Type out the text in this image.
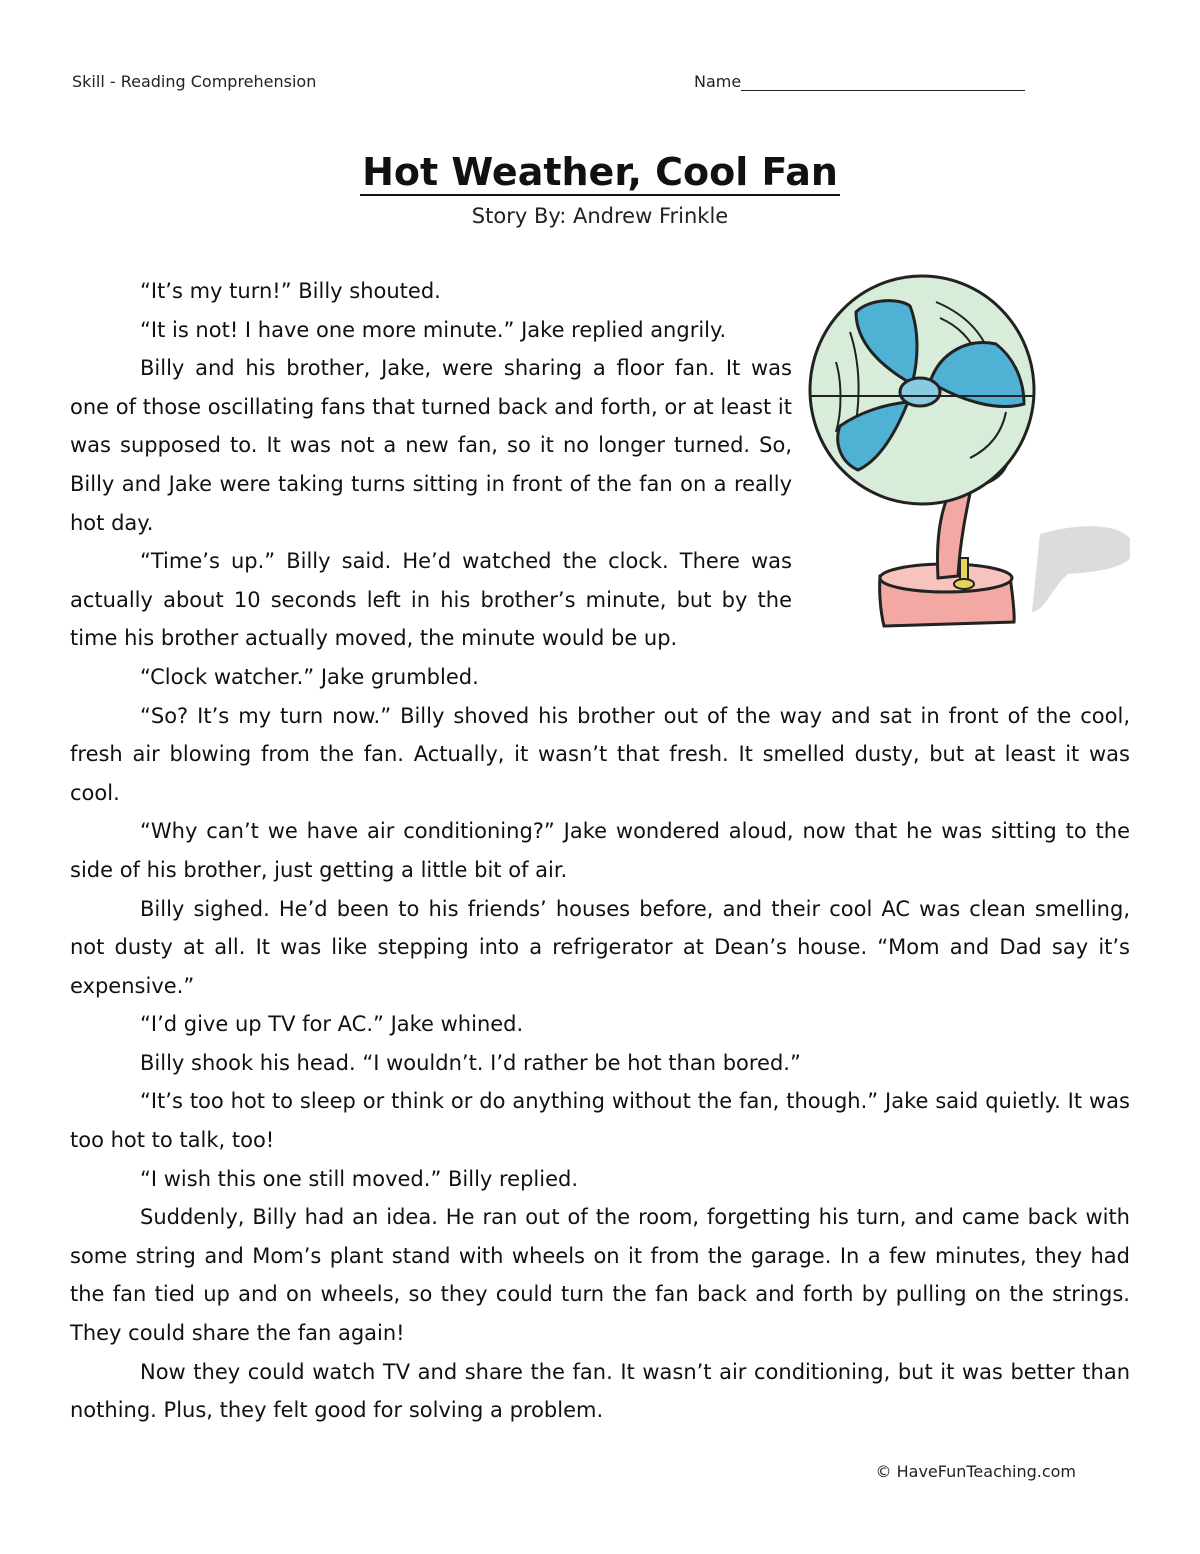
Skill - Reading Comprehension	Name
Hot Weather, Cool Fan
Story By: Andrew Frinkle

“It’s my turn!” Billy shouted.

“It is not! I have one more minute.” Jake replied angrily.

Billy and his brother, Jake, were sharing a floor fan. It was one of those oscillating fans that turned back and forth, or at least it was supposed to. It was not a new fan, so it no longer turned. So, Billy and Jake were taking turns sitting in front of the fan on a really hot day.

“Time’s up.” Billy said. He’d watched the clock. There was actually about 10 seconds left in his brother’s minute, but by the time his brother actually moved, the minute would be up.

“Clock watcher.” Jake grumbled.

“So? It’s my turn now.” Billy shoved his brother out of the way and sat in front of the cool, fresh air blowing from the fan. Actually, it wasn’t that fresh. It smelled dusty, but at least it was cool.

“Why can’t we have air conditioning?” Jake wondered aloud, now that he was sitting to the side of his brother, just getting a little bit of air.

Billy sighed. He’d been to his friends’ houses before, and their cool AC was clean smelling, not dusty at all. It was like stepping into a refrigerator at Dean’s house. “Mom and Dad say it’s expensive.”

“I’d give up TV for AC.” Jake whined.

Billy shook his head. “I wouldn’t. I’d rather be hot than bored.”

“It’s too hot to sleep or think or do anything without the fan, though.” Jake said quietly. It was too hot to talk, too!

“I wish this one still moved.” Billy replied.

Suddenly, Billy had an idea. He ran out of the room, forgetting his turn, and came back with some string and Mom’s plant stand with wheels on it from the garage. In a few minutes, they had the fan tied up and on wheels, so they could turn the fan back and forth by pulling on the strings. They could share the fan again!

Now they could watch TV and share the fan. It wasn’t air conditioning, but it was better than nothing. Plus, they felt good for solving a problem.

© HaveFunTeaching.com
